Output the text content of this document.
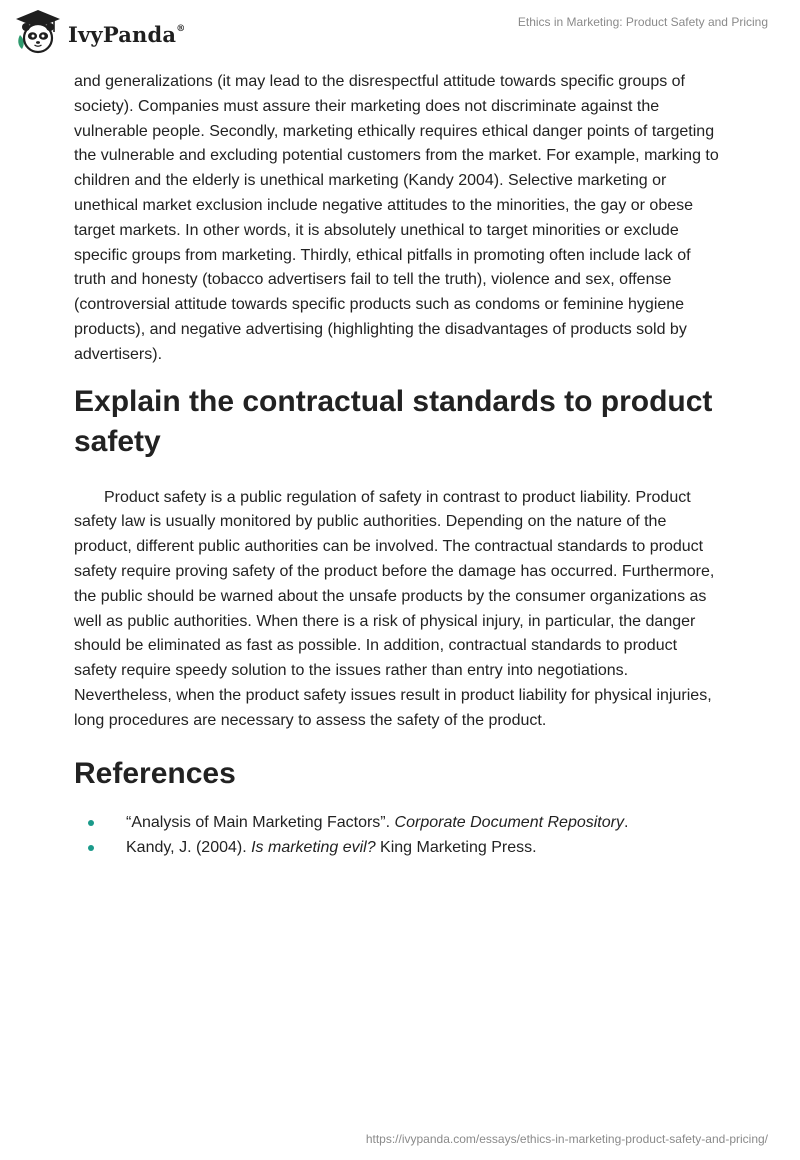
IvyPanda®	Ethics in Marketing: Product Safety and Pricing

and generalizations (it may lead to the disrespectful attitude towards specific groups of society). Companies must assure their marketing does not discriminate against the vulnerable people. Secondly, marketing ethically requires ethical danger points of targeting the vulnerable and excluding potential customers from the market. For example, marking to children and the elderly is unethical marketing (Kandy 2004). Selective marketing or unethical market exclusion include negative attitudes to the minorities, the gay or obese target markets. In other words, it is absolutely unethical to target minorities or exclude specific groups from marketing. Thirdly, ethical pitfalls in promoting often include lack of truth and honesty (tobacco advertisers fail to tell the truth), violence and sex, offense (controversial attitude towards specific products such as condoms or feminine hygiene products), and negative advertising (highlighting the disadvantages of products sold by advertisers).

Explain the contractual standards to product safety

Product safety is a public regulation of safety in contrast to product liability. Product safety law is usually monitored by public authorities. Depending on the nature of the product, different public authorities can be involved. The contractual standards to product safety require proving safety of the product before the damage has occurred. Furthermore, the public should be warned about the unsafe products by the consumer organizations as well as public authorities. When there is a risk of physical injury, in particular, the danger should be eliminated as fast as possible. In addition, contractual standards to product safety require speedy solution to the issues rather than entry into negotiations. Nevertheless, when the product safety issues result in product liability for physical injuries, long procedures are necessary to assess the safety of the product.

References
“Analysis of Main Marketing Factors”. Corporate Document Repository.
Kandy, J. (2004). Is marketing evil? King Marketing Press.
https://ivypanda.com/essays/ethics-in-marketing-product-safety-and-pricing/
